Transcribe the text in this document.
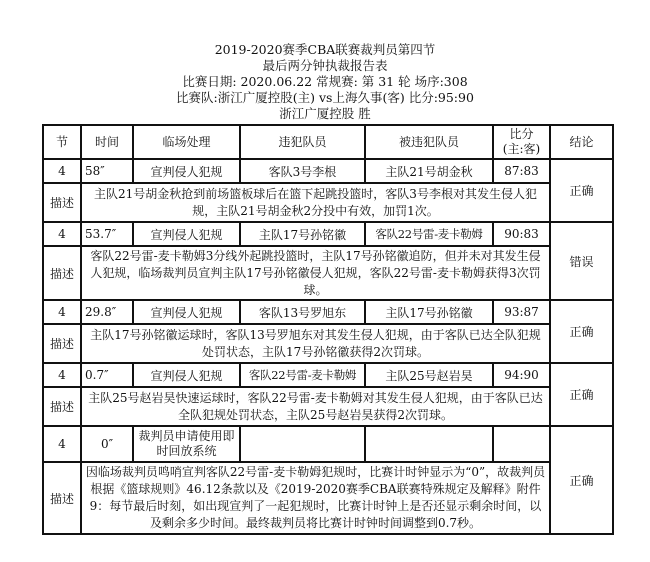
2019-2020赛季CBA联赛裁判员第四节
最后两分钟执裁报告表
比赛日期: 2020.06.22 常规赛: 第 31 轮 场序:308
比赛队:浙江广厦控股(主) vs上海久事(客) 比分:95:90
浙江广厦控股 胜
节	时间	临场处理	违犯队员	被违犯队员	比分
(主:客)	结论
4	58″	宣判侵人犯规	客队3号李根	主队21号胡金秋	87:83	正确
描述	主队21号胡金秋抢到前场篮板球后在篮下起跳投篮时，客队3号李根对其发生侵人犯规，主队21号胡金秋2分投中有效，加罚1次。					
4	53.7″	宣判侵人犯规	主队17号孙铭徽	客队22号雷-麦卡勒姆	90:83	错误
描述	客队22号雷-麦卡勒姆3分线外起跳投篮时，主队17号孙铭徽追防，但并未对其发生侵人犯规，临场裁判员宣判主队17号孙铭徽侵人犯规，客队22号雷-麦卡勒姆获得3次罚球。					
4	29.8″	宣判侵人犯规	客队13号罗旭东	主队17号孙铭徽	93:87	正确
描述	主队17号孙铭徽运球时，客队13号罗旭东对其发生侵人犯规，由于客队已达全队犯规处罚状态，主队17号孙铭徽获得2次罚球。					
4	0.7″	宣判侵人犯规	客队22号雷-麦卡勒姆	主队25号赵岩昊	94:90	正确
描述	主队25号赵岩昊快速运球时，客队22号雷-麦卡勒姆对其发生侵人犯规，由于客队已达全队犯规处罚状态，主队25号赵岩昊获得2次罚球。					
4	0″	裁判员申请使用即时回放系统				正确
描述	因临场裁判员鸣哨宣判客队22号雷-麦卡勒姆犯规时，比赛计时钟显示为“0”，故裁判员根据《篮球规则》46.12条款以及《2019-2020赛季CBA联赛特殊规定及解释》附件9：每节最后时刻，如出现宣判了一起犯规时，比赛计时钟上是否还显示剩余时间，以及剩余多少时间。最终裁判员将比赛计时钟时间调整到0.7秒。					
